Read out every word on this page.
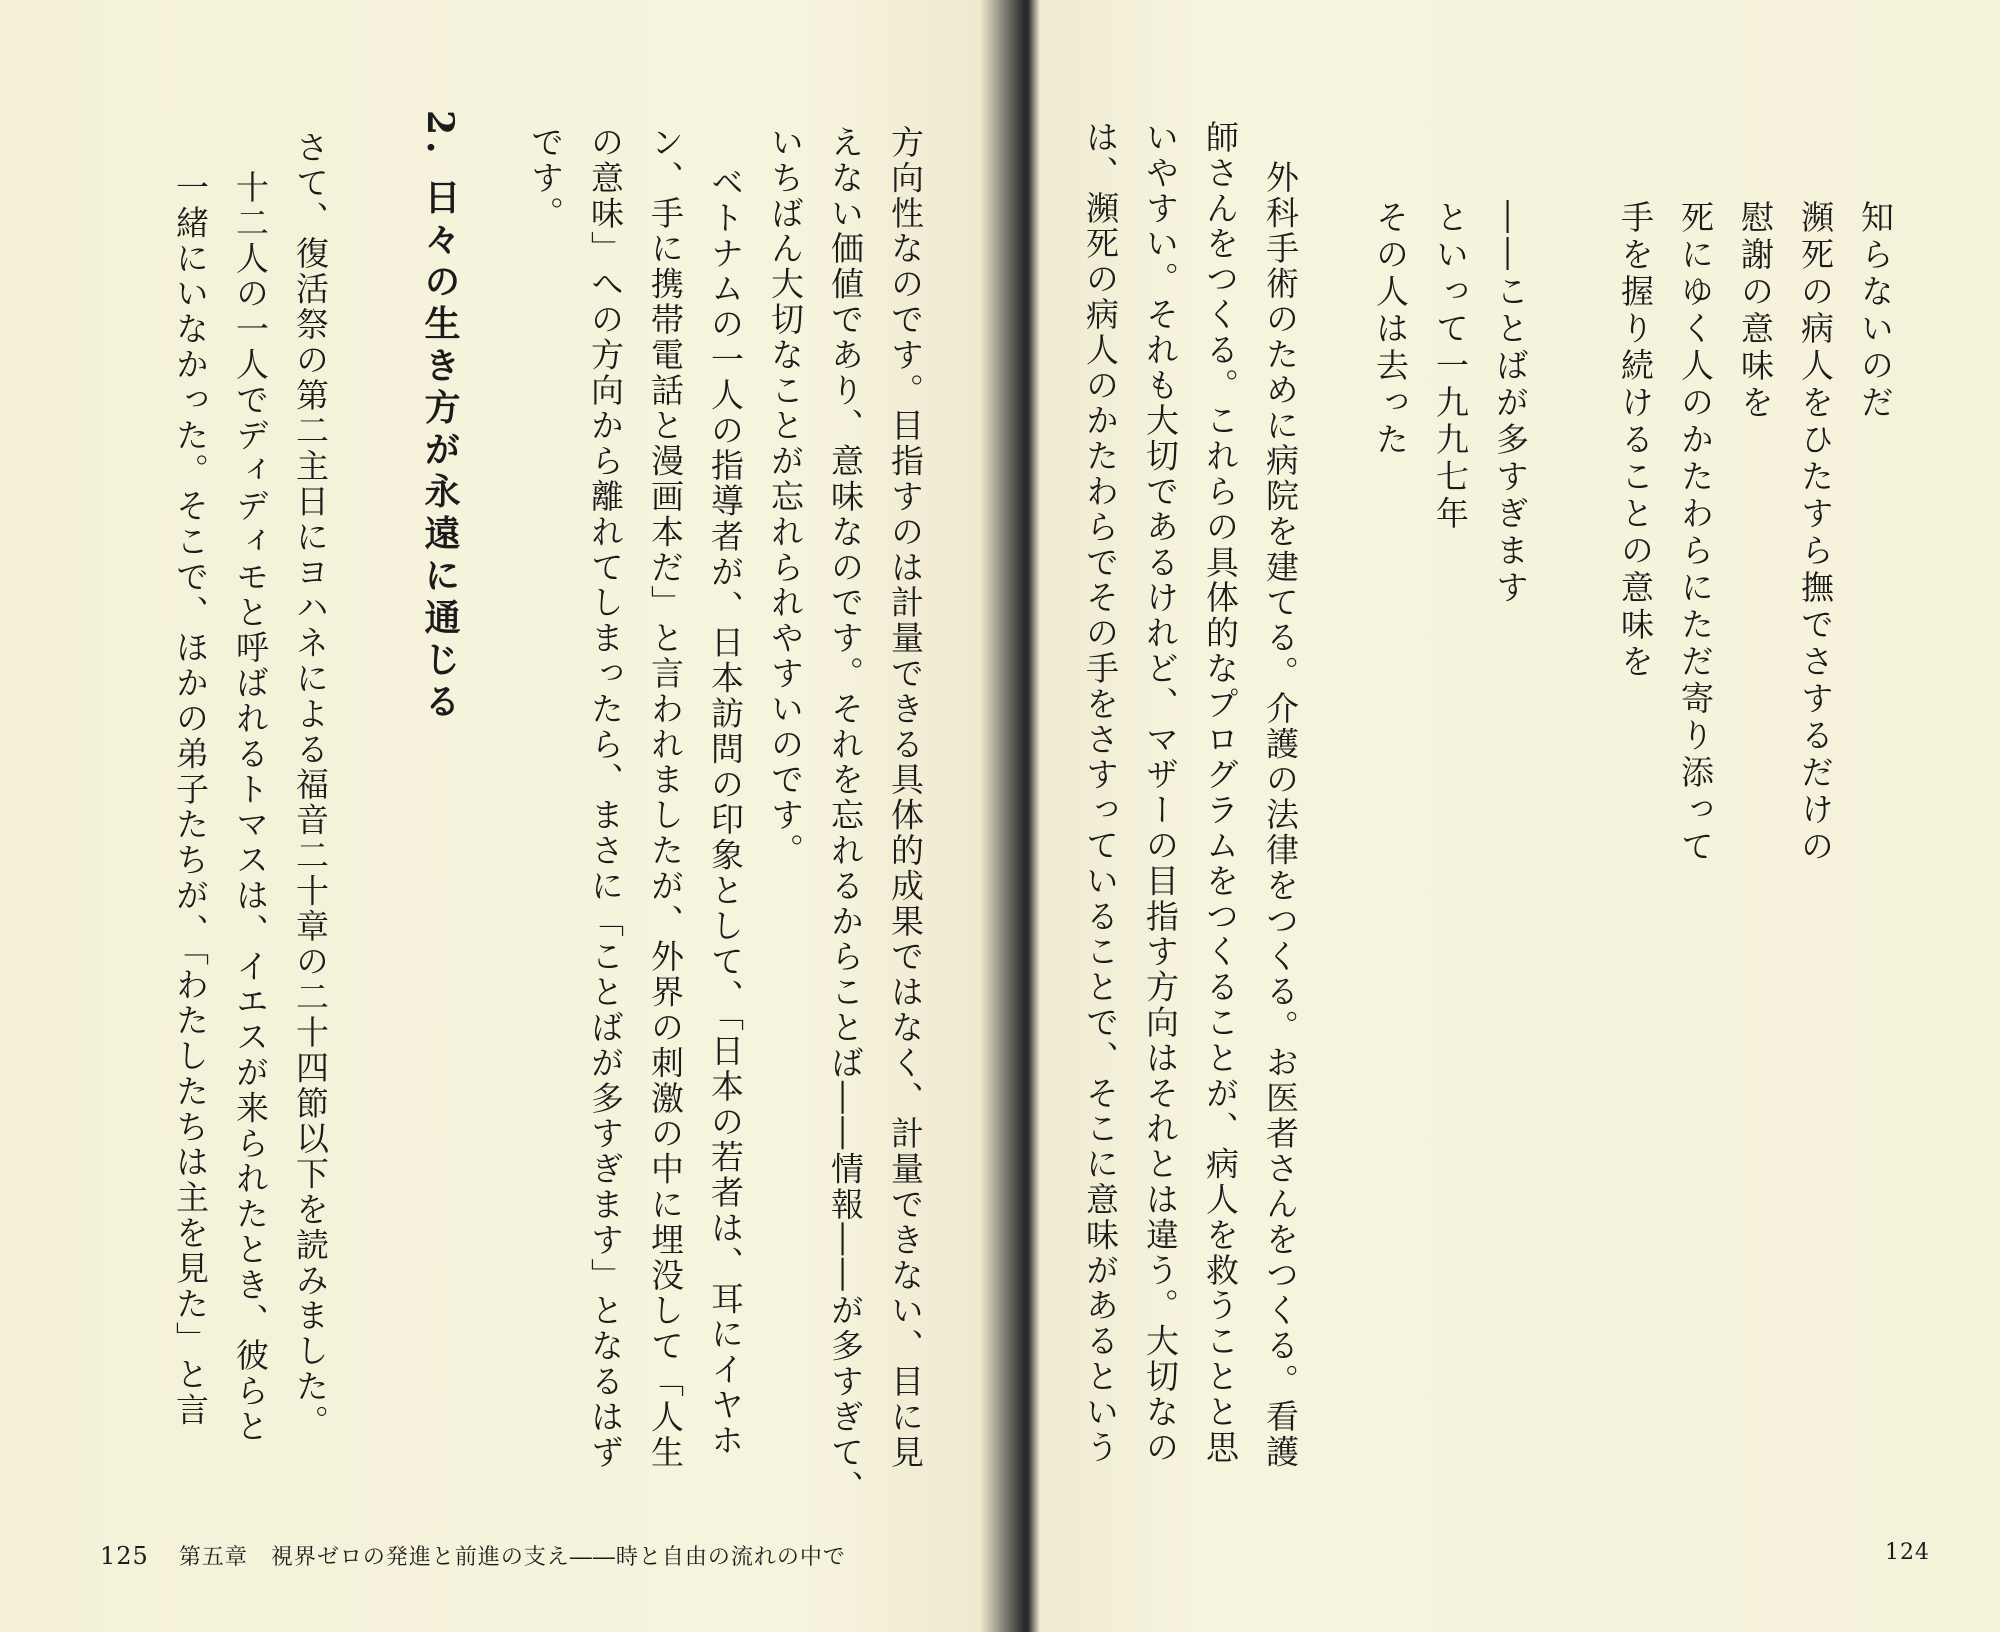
知らないのだ
瀕死の病人をひたすら撫でさするだけの
慰謝の意味を
死にゆく人のかたわらにただ寄り添って
手を握り続けることの意味を
――ことばが多すぎます
といって一九九七年
その人は去った
外科手術のために病院を建てる。介護の法律をつくる。お医者さんをつくる。看護
師さんをつくる。これらの具体的なプログラムをつくることが、病人を救うことと思
いやすい。それも大切であるけれど、マザーの目指す方向はそれとは違う。大切なの
は、瀕死の病人のかたわらでその手をさすっていることで、そこに意味があるという
124
方向性なのです。目指すのは計量できる具体的成果ではなく、計量できない、目に見
えない価値であり、意味なのです。それを忘れるからことば――情報――が多すぎて、
いちばん大切なことが忘れられやすいのです。
ベトナムの一人の指導者が、日本訪問の印象として、「日本の若者は、耳にイヤホ
ン、手に携帯電話と漫画本だ」と言われましたが、外界の刺激の中に埋没して「人生
の意味」への方向から離れてしまったら、まさに「ことばが多すぎます」となるはず
です。
2. 日々の生き方が永遠に通じる
さて、復活祭の第二主日にヨハネによる福音二十章の二十四節以下を読みました。
十二人の一人でディディモと呼ばれるトマスは、イエスが来られたとき、彼らと
一緒にいなかった。そこで、ほかの弟子たちが、「わたしたちは主を見た」と言
125 第五章　視界ゼロの発進と前進の支え――時と自由の流れの中で
